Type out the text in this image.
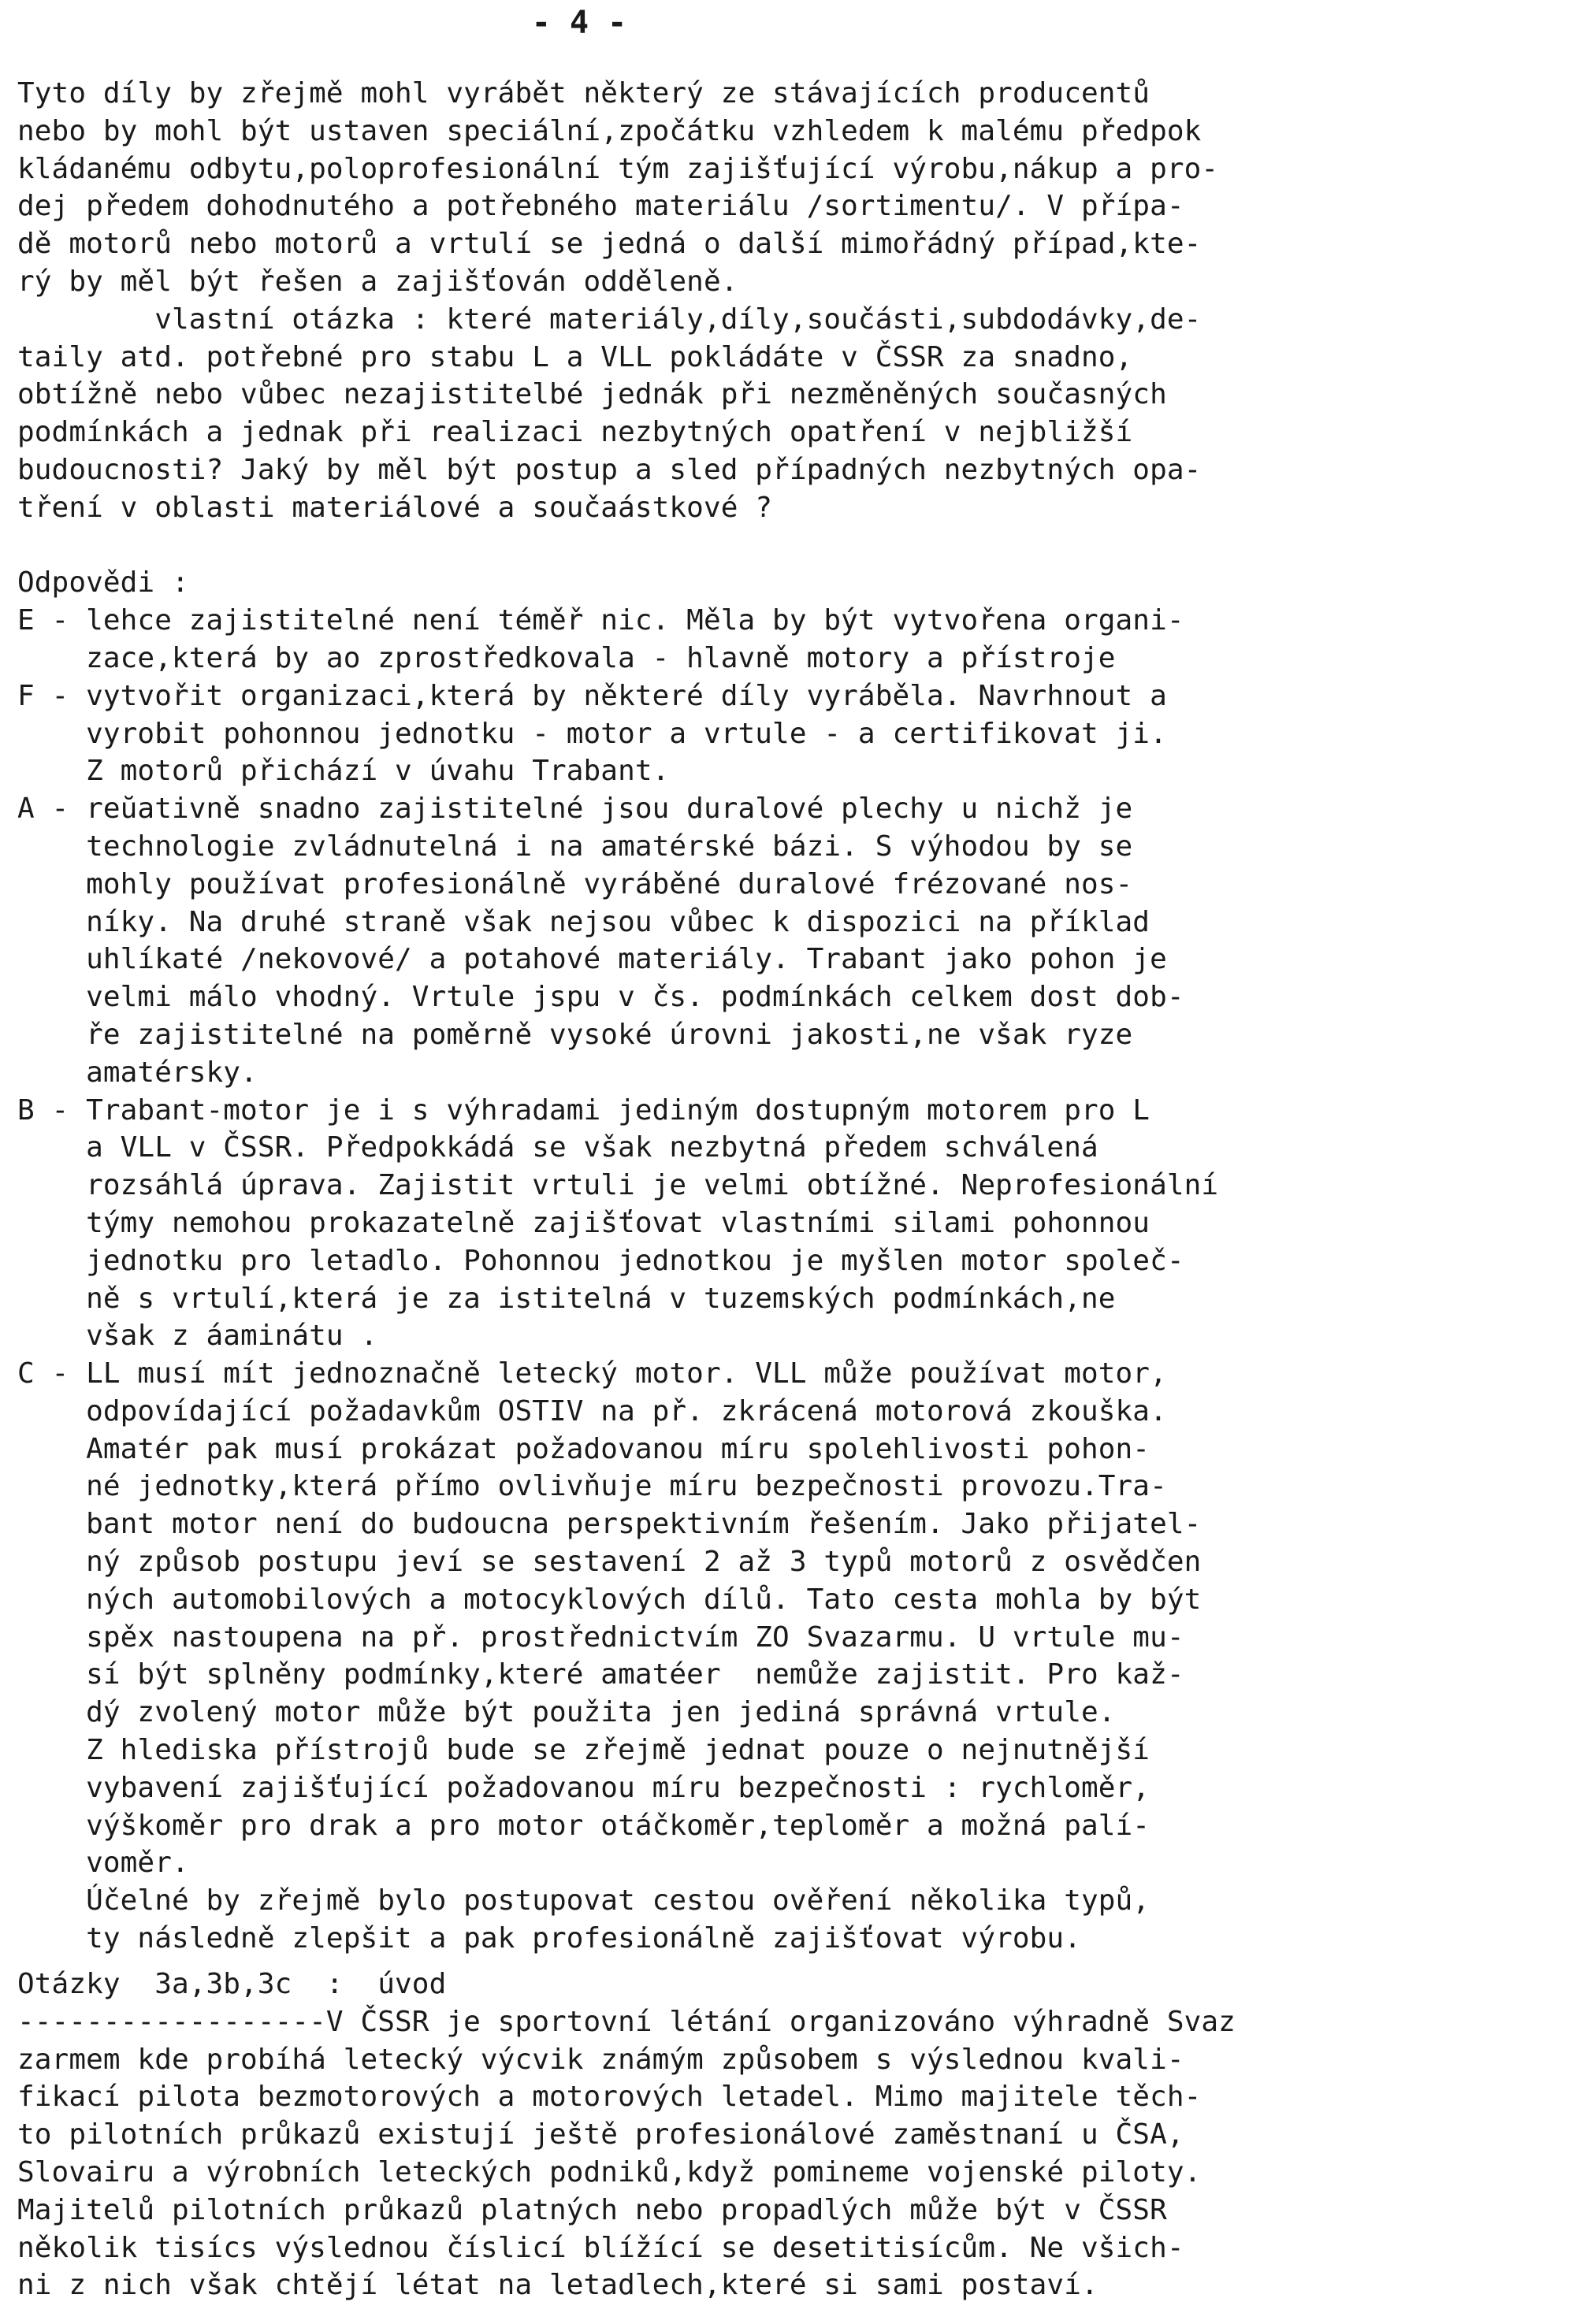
- 4 -
Tyto díly by zřejmě mohl vyrábět některý ze stávajících producentů
nebo by mohl být ustaven speciální,zpočátku vzhledem k malému předpok
kládanému odbytu,poloprofesionální tým zajišťující výrobu,nákup a pro-
dej předem dohodnutého a potřebného materiálu /sortimentu/. V přípa-
dě motorů nebo motorů a vrtulí se jedná o další mimořádný případ,kte-
rý by měl být řešen a zajišťován odděleně.
vlastní otázka : které materiály,díly,součásti,subdodávky,de-
taily atd. potřebné pro stabu L a VLL pokládáte v ČSSR za snadno,
obtížně nebo vůbec nezajistitelbé jednák při nezměněných současných
podmínkách a jednak při realizaci nezbytných opatření v nejbližší
budoucnosti? Jaký by měl být postup a sled případných nezbytných opa-
tření v oblasti materiálové a součaástkové ?
Odpovědi :
E - lehce zajistitelné není téměř nic. Měla by být vytvořena organi-
zace,která by ao zprostředkovala - hlavně motory a přístroje
F - vytvořit organizaci,která by některé díly vyráběla. Navrhnout a
vyrobit pohonnou jednotku - motor a vrtule - a certifikovat ji.
Z motorů přichází v úvahu Trabant.
A - reŭativně snadno zajistitelné jsou duralové plechy u nichž je
technologie zvládnutelná i na amatérské bázi. S výhodou by se
mohly používat profesionálně vyráběné duralové frézované nos-
níky. Na druhé straně však nejsou vůbec k dispozici na příklad
uhlíkaté /nekovové/ a potahové materiály. Trabant jako pohon je
velmi málo vhodný. Vrtule jspu v čs. podmínkách celkem dost dob-
ře zajistitelné na poměrně vysoké úrovni jakosti,ne však ryze
amatérsky.
B - Trabant-motor je i s výhradami jediným dostupným motorem pro L
a VLL v ČSSR. Předpokkádá se však nezbytná předem schválená
rozsáhlá úprava. Zajistit vrtuli je velmi obtížné. Neprofesionální
týmy nemohou prokazatelně zajišťovat vlastními silami pohonnou
jednotku pro letadlo. Pohonnou jednotkou je myšlen motor společ-
ně s vrtulí,která je za istitelná v tuzemských podmínkách,ne
však z áaminátu .
C - LL musí mít jednoznačně letecký motor. VLL může používat motor,
odpovídající požadavkům OSTIV na př. zkrácená motorová zkouška.
Amatér pak musí prokázat požadovanou míru spolehlivosti pohon-
né jednotky,která přímo ovlivňuje míru bezpečnosti provozu.Tra-
bant motor není do budoucna perspektivním řešením. Jako přijatel-
ný způsob postupu jeví se sestavení 2 až 3 typů motorů z osvědčen
ných automobilových a motocyklových dílů. Tato cesta mohla by být
spěx nastoupena na př. prostřednictvím ZO Svazarmu. U vrtule mu-
sí být splněny podmínky,které amatéer  nemůže zajistit. Pro kaž-
dý zvolený motor může být použita jen jediná správná vrtule.
Z hlediska přístrojů bude se zřejmě jednat pouze o nejnutnější
vybavení zajišťující požadovanou míru bezpečnosti : rychloměr,
výškoměr pro drak a pro motor otáčkoměr,teploměr a možná palí-
voměr.
Účelné by zřejmě bylo postupovat cestou ověření několika typů,
ty následně zlepšit a pak profesionálně zajišťovat výrobu.
Otázky  3a,3b,3c  :  úvod
------------------V ČSSR je sportovní létání organizováno výhradně Svaz
zarmem kde probíhá letecký výcvik známým způsobem s výslednou kvali-
fikací pilota bezmotorových a motorových letadel. Mimo majitele těch-
to pilotních průkazů existují ještě profesionálové zaměstnaní u ČSA,
Slovairu a výrobních leteckých podniků,když pomineme vojenské piloty.
Majitelů pilotních průkazů platných nebo propadlých může být v ČSSR
několik tisícs výslednou číslicí blížící se desetitisícům. Ne všich-
ni z nich však chtějí létat na letadlech,které si sami postaví.
